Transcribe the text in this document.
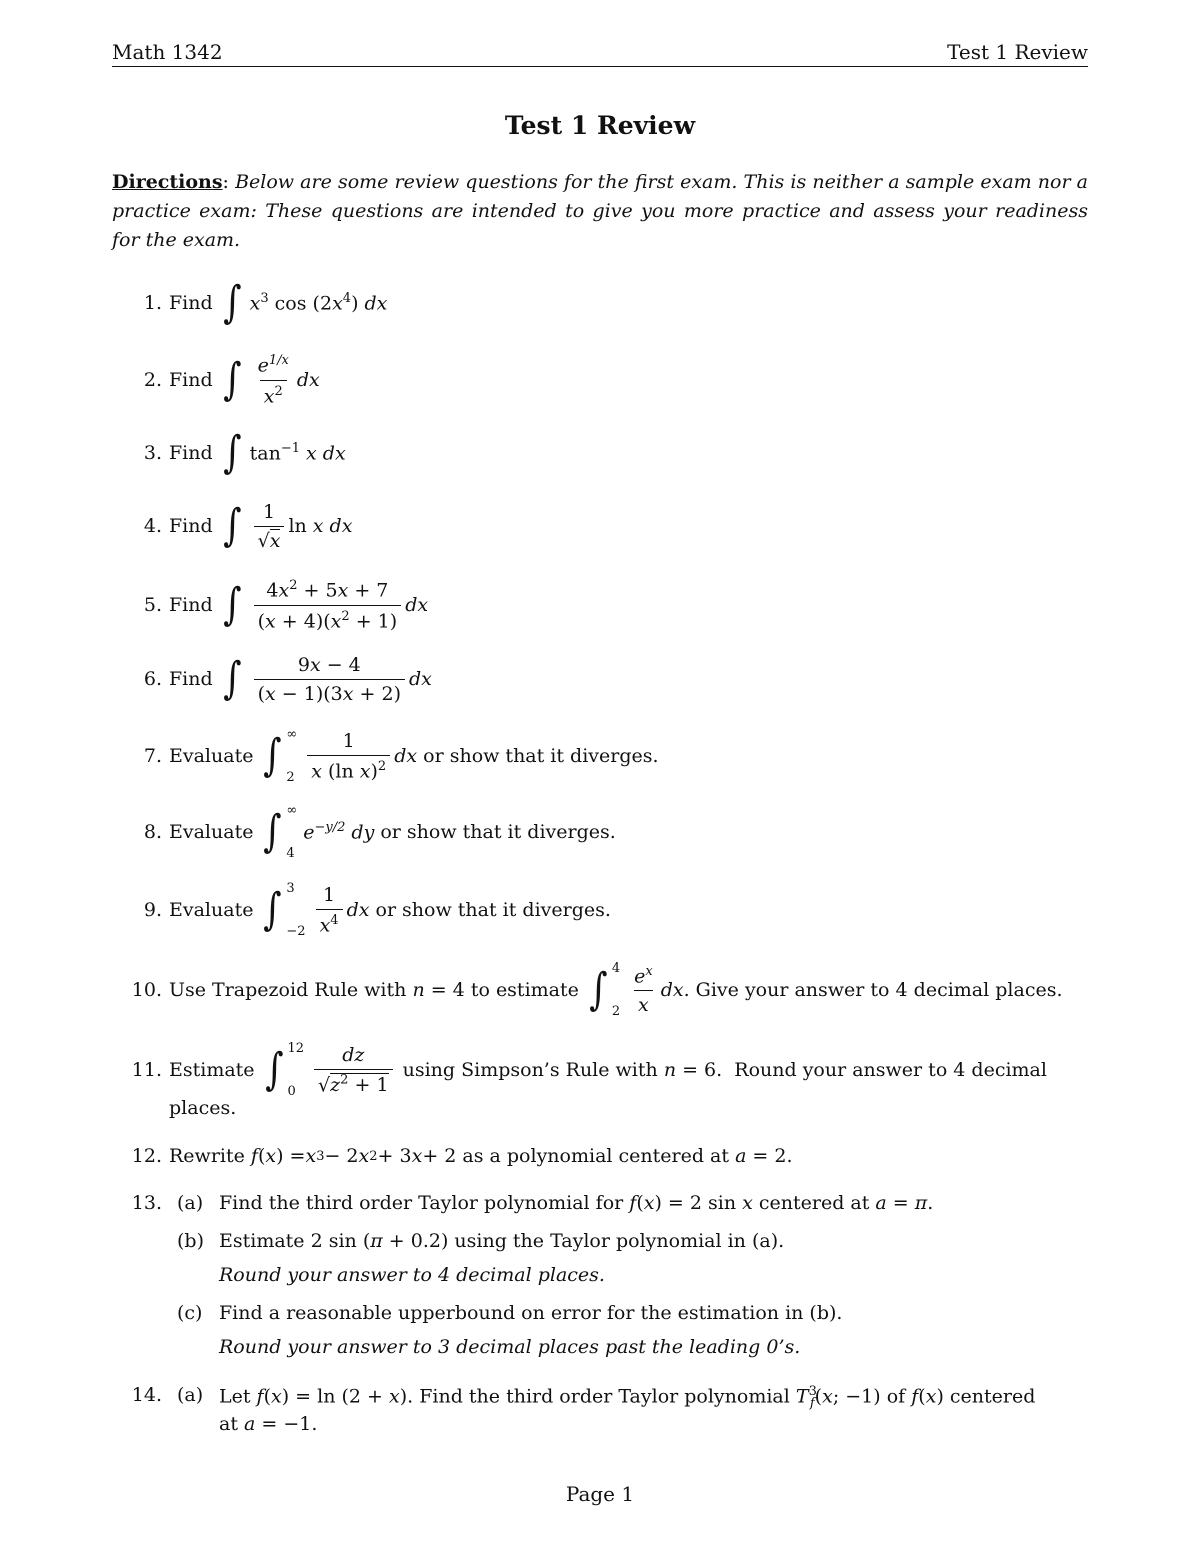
Math 1342	Test 1 Review
Test 1 Review
Directions: Below are some review questions for the first exam. This is neither a sample exam nor a practice exam: These questions are intended to give you more practice and assess your readiness for the exam.
1. Find ∫ $x^3$ $\cos (2x^4)$ dx
2. Find ∫ $\frac{e^{1/x}}{x^2}$ dx
3. Find ∫ $\tan^{-1} x$ dx
4. Find ∫ $\frac{1}{√x}$ ln x dx
5. Find ∫ $\frac{4x^2 + 5x + 7}{(x + 4)(x^2 + 1)}$ dx
6. Find ∫ $\frac{9x - 4}{(x - 1)(3x + 2)}$ dx
7. Evaluate ∫ ∞
$2 \frac{1}{x (\ln x)^2}$ dx
or show that it diverges.
8. Evaluate ∫ ∞
4
$e^{-y/2}$ dy
or show that it diverges.
9. Evaluate ∫ 3
$-2 \frac{1}{x^4}$ dx
or show that it diverges.
10. Use Trapezoid Rule with
n = 4 to estimate ∫ 4
$2 \frac{e^x}{x}$ dx . Give your answer to 4 decimal places.
11. Estimate ∫ 12
$0 \frac{dz}{√z^2 + 1}$
using Simpson’s Rule with
n = 6. Round your answer to 4 decimal
places.
12. Rewrite
f ( x ) = x 3 − 2 x 2 + 3 x + 2 as a polynomial centered at
a = 2.
13. (a) Find the third order Taylor polynomial for f(x) = 2 sin x centered at a = π.
(b) Estimate 2 sin (π + 0.2) using the Taylor polynomial in (a).
Round your answer to 4 decimal places.
(c) Find a reasonable upperbound on error for the estimation in (b).
Round your answer to 3 decimal places past the leading 0’s.
14. (a) Let f(x) = ln (2 + x). Find the third order Taylor polynomial $T^3_f(x$; −1) of f(x) centered
at a = −1.
Page 1
